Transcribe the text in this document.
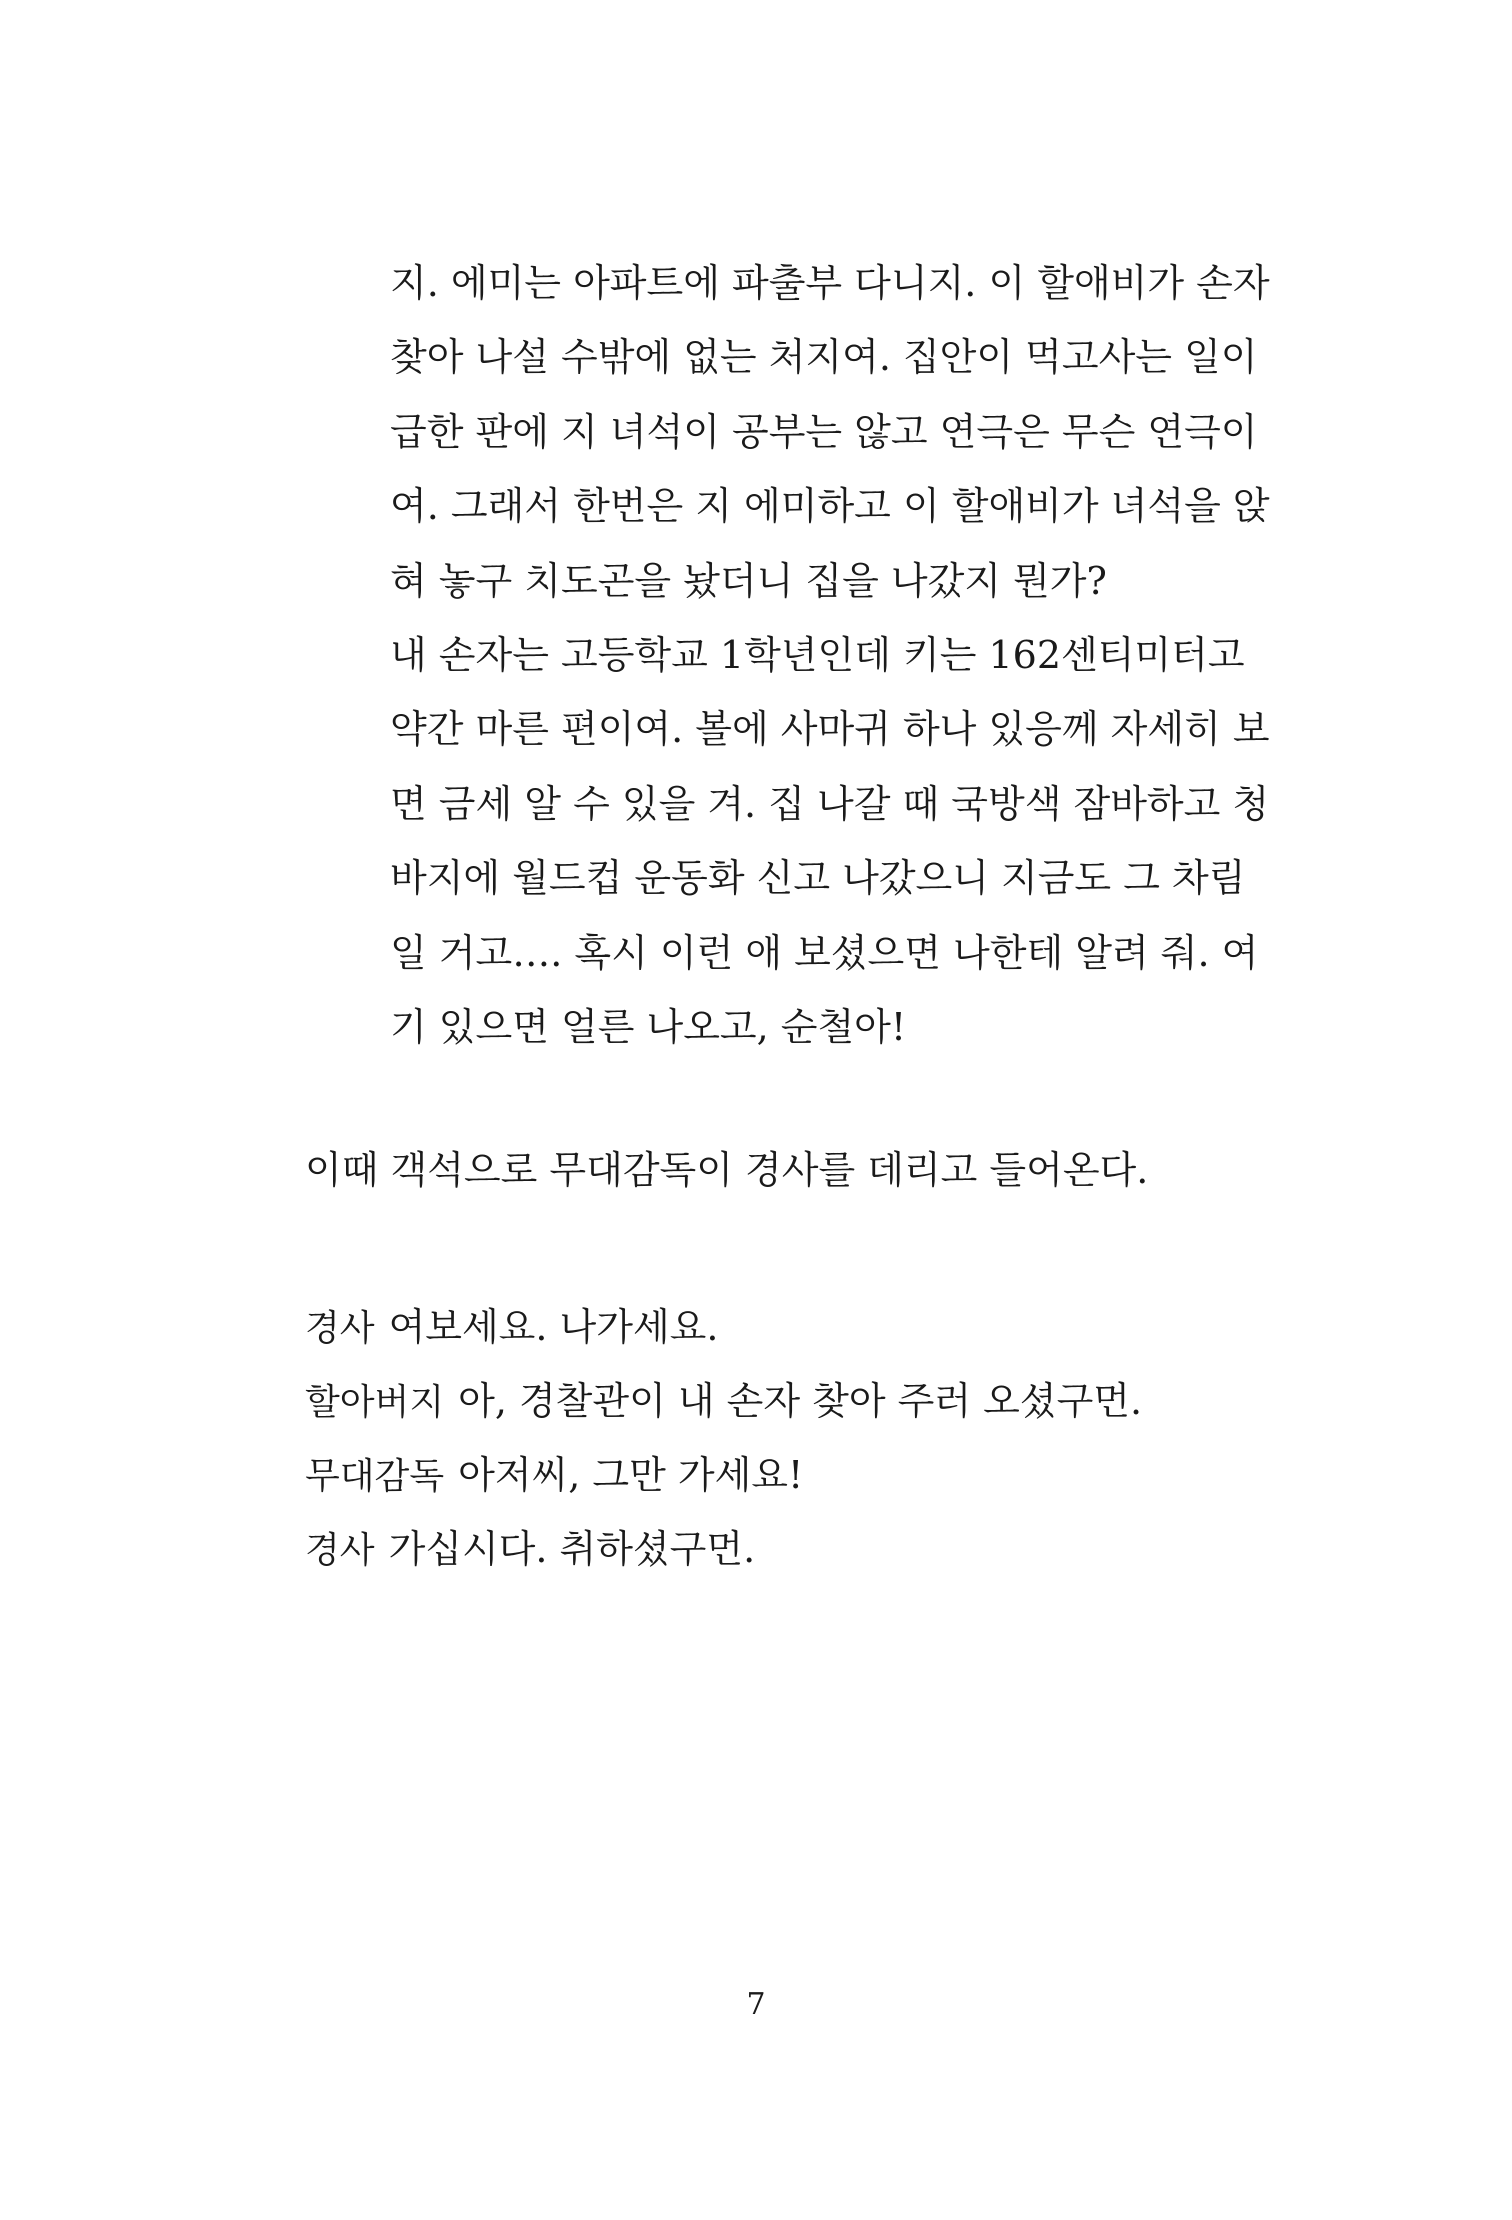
지. 에미는 아파트에 파출부 다니지. 이 할애비가 손자
찾아 나설 수밖에 없는 처지여. 집안이 먹고사는 일이
급한 판에 지 녀석이 공부는 않고 연극은 무슨 연극이
여. 그래서 한번은 지 에미하고 이 할애비가 녀석을 앉
혀 놓구 치도곤을 놨더니 집을 나갔지 뭔가?
내 손자는 고등학교 1학년인데 키는 162센티미터고
약간 마른 편이여. 볼에 사마귀 하나 있응께 자세히 보
면 금세 알 수 있을 겨. 집 나갈 때 국방색 잠바하고 청
바지에 월드컵 운동화 신고 나갔으니 지금도 그 차림
일 거고…. 혹시 이런 애 보셨으면 나한테 알려 줘. 여
기 있으면 얼른 나오고, 순철아!
이때 객석으로 무대감독이 경사를 데리고 들어온다.
경사 여보세요. 나가세요.
할아버지 아, 경찰관이 내 손자 찾아 주러 오셨구먼.
무대감독 아저씨, 그만 가세요!
경사 가십시다. 취하셨구먼.
7
